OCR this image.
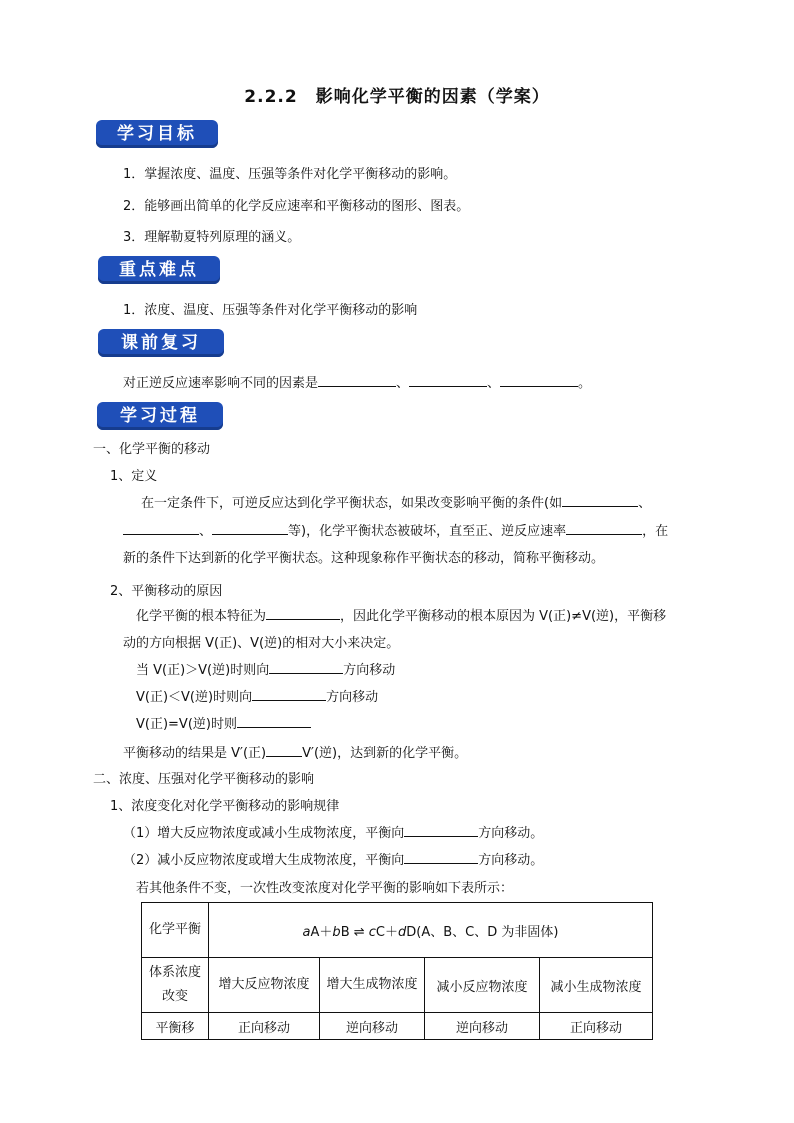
2.2.2　影响化学平衡的因素（学案）
学习目标
1．掌握浓度、温度、压强等条件对化学平衡移动的影响。
2．能够画出简单的化学反应速率和平衡移动的图形、图表。
3．理解勒夏特列原理的涵义。
重点难点
1．浓度、温度、压强等条件对化学平衡移动的影响
课前复习
对正逆反应速率影响不同的因素是	、	、	。
学习过程
一、化学平衡的移动
1、定义
在一定条件下，可逆反应达到化学平衡状态，如果改变影响平衡的条件(如	、
、	等)，化学平衡状态被破坏，直至正、逆反应速率	，在
新的条件下达到新的化学平衡状态。这种现象称作平衡状态的移动，简称平衡移动。
2、平衡移动的原因
化学平衡的根本特征为	，因此化学平衡移动的根本原因为 V(正)≠V(逆)，平衡移
动的方向根据 V(正)、V(逆)的相对大小来决定。
当 V(正)＞V(逆)时则向	方向移动
V(正)＜V(逆)时则向	方向移动
V(正)=V(逆)时则
平衡移动的结果是 V′(正)	V′(逆)，达到新的化学平衡。
二、浓度、压强对化学平衡移动的影响
1、浓度变化对化学平衡移动的影响规律
（1）增大反应物浓度或减小生成物浓度，平衡向	方向移动。
（2）减小反应物浓度或增大生成物浓度，平衡向	方向移动。
若其他条件不变，一次性改变浓度对化学平衡的影响如下表所示：
化学平衡	aA＋bB ⇌ cC＋dD(A、B、C、D 为非固体)			
体系浓度改变	增大反应物浓度	增大生成物浓度	减小反应物浓度	减小生成物浓度
平衡移	正向移动	逆向移动	逆向移动	正向移动
